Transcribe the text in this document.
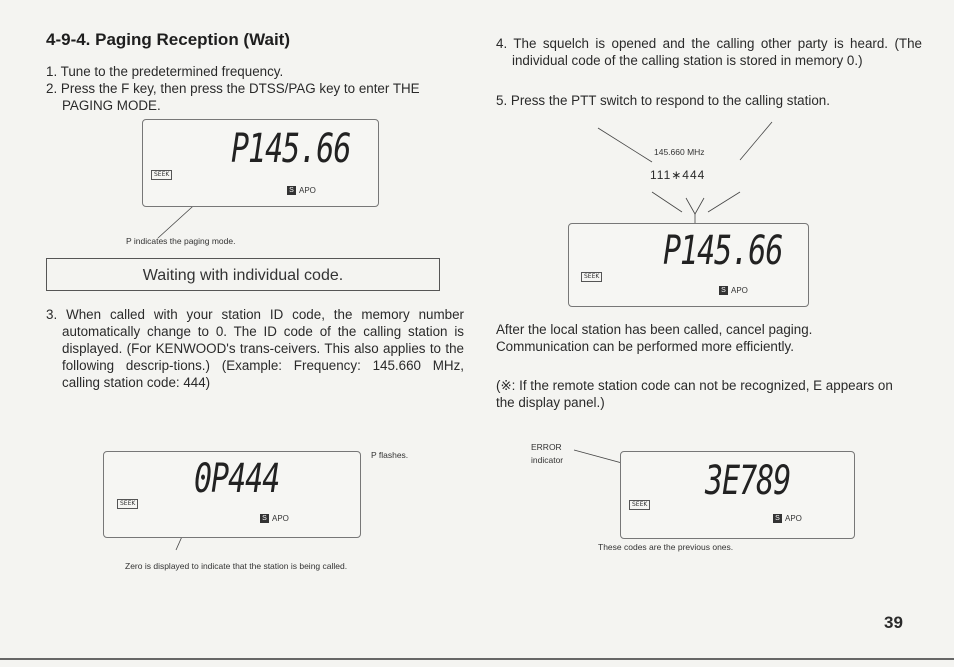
4-9-4. Paging Reception (Wait)

1. Tune to the predetermined frequency.

2. Press the F key, then press the DTSS/PAG key to enter THE PAGING MODE.

SEEK
P145.66
S APO
P indicates the paging mode.
Waiting with individual code.

3. When called with your station ID code, the memory number automatically change to 0. The ID code of the calling station is displayed. (For KENWOOD's trans-ceivers. This also applies to the following descrip-tions.) (Example: Frequency: 145.660 MHz, calling station code: 444)

SEEK
0P444
S APO
P flashes.
Zero is displayed to indicate that the station is being called.

4. The squelch is opened and the calling other party is heard. (The individual code of the calling station is stored in memory 0.)

5. Press the PTT switch to respond to the calling station.

145.660 MHz
111∗444
SEEK
P145.66
S APO

After the local station has been called, cancel paging. Communication can be performed more efficiently.

(※: If the remote station code can not be recognized, E appears on the display panel.)

ERROR
indicator
SEEK 3E789
S APO
These codes are the previous ones.
39
